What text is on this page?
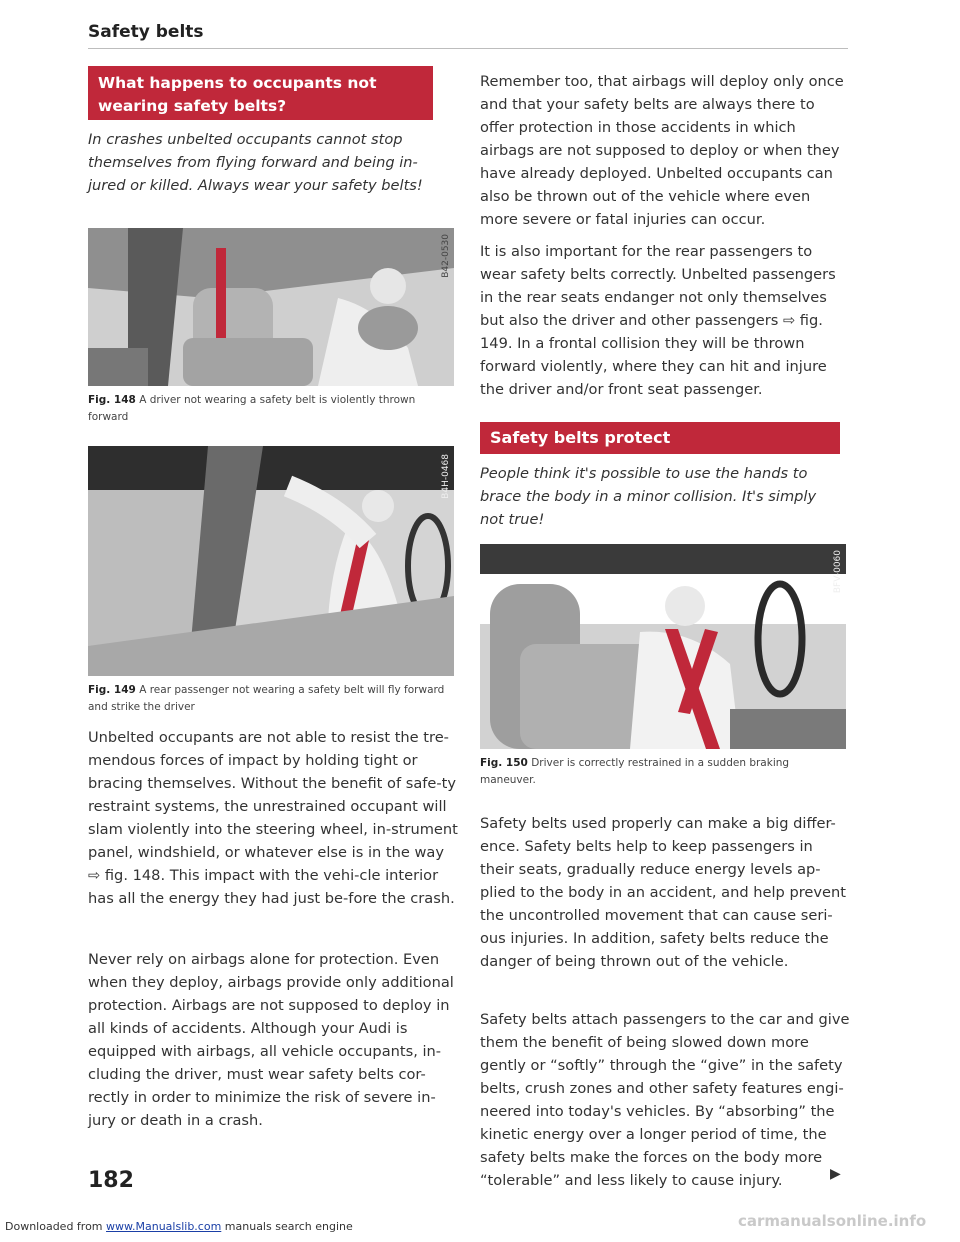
Safety belts
What happens to occupants not wearing safety belts?
In crashes unbelted occupants cannot stop themselves from flying forward and being in-jured or killed. Always wear your safety belts!
B42-0530
Fig. 148 A driver not wearing a safety belt is violently thrown forward
B4H-0468
Fig. 149 A rear passenger not wearing a safety belt will fly forward and strike the driver
Unbelted occupants are not able to resist the tre-mendous forces of impact by holding tight or bracing themselves. Without the benefit of safe-ty restraint systems, the unrestrained occupant will slam violently into the steering wheel, in-strument panel, windshield, or whatever else is in the way ⇨ fig. 148. This impact with the vehi-cle interior has all the energy they had just be-fore the crash.
Never rely on airbags alone for protection. Even when they deploy, airbags provide only additional protection. Airbags are not supposed to deploy in all kinds of accidents. Although your Audi is equipped with airbags, all vehicle occupants, in-cluding the driver, must wear safety belts cor-rectly in order to minimize the risk of severe in-jury or death in a crash.
Remember too, that airbags will deploy only once and that your safety belts are always there to offer protection in those accidents in which airbags are not supposed to deploy or when they have already deployed. Unbelted occupants can also be thrown out of the vehicle where even more severe or fatal injuries can occur.
It is also important for the rear passengers to wear safety belts correctly. Unbelted passengers in the rear seats endanger not only themselves but also the driver and other passengers ⇨ fig. 149. In a frontal collision they will be thrown forward violently, where they can hit and injure the driver and/or front seat passenger.
Safety belts protect
People think it's possible to use the hands to brace the body in a minor collision. It's simply not true!
BFV-0060
Fig. 150 Driver is correctly restrained in a sudden braking maneuver.
Safety belts used properly can make a big differ-ence. Safety belts help to keep passengers in their seats, gradually reduce energy levels ap-plied to the body in an accident, and help prevent the uncontrolled movement that can cause seri-ous injuries. In addition, safety belts reduce the danger of being thrown out of the vehicle.
Safety belts attach passengers to the car and give them the benefit of being slowed down more gently or “softly” through the “give” in the safety belts, crush zones and other safety features engi-neered into today's vehicles. By “absorbing” the kinetic energy over a longer period of time, the safety belts make the forces on the body more “tolerable” and less likely to cause injury.	▶
182
Downloaded from www.Manualslib.com manuals search engine	carmanualsonline.info
